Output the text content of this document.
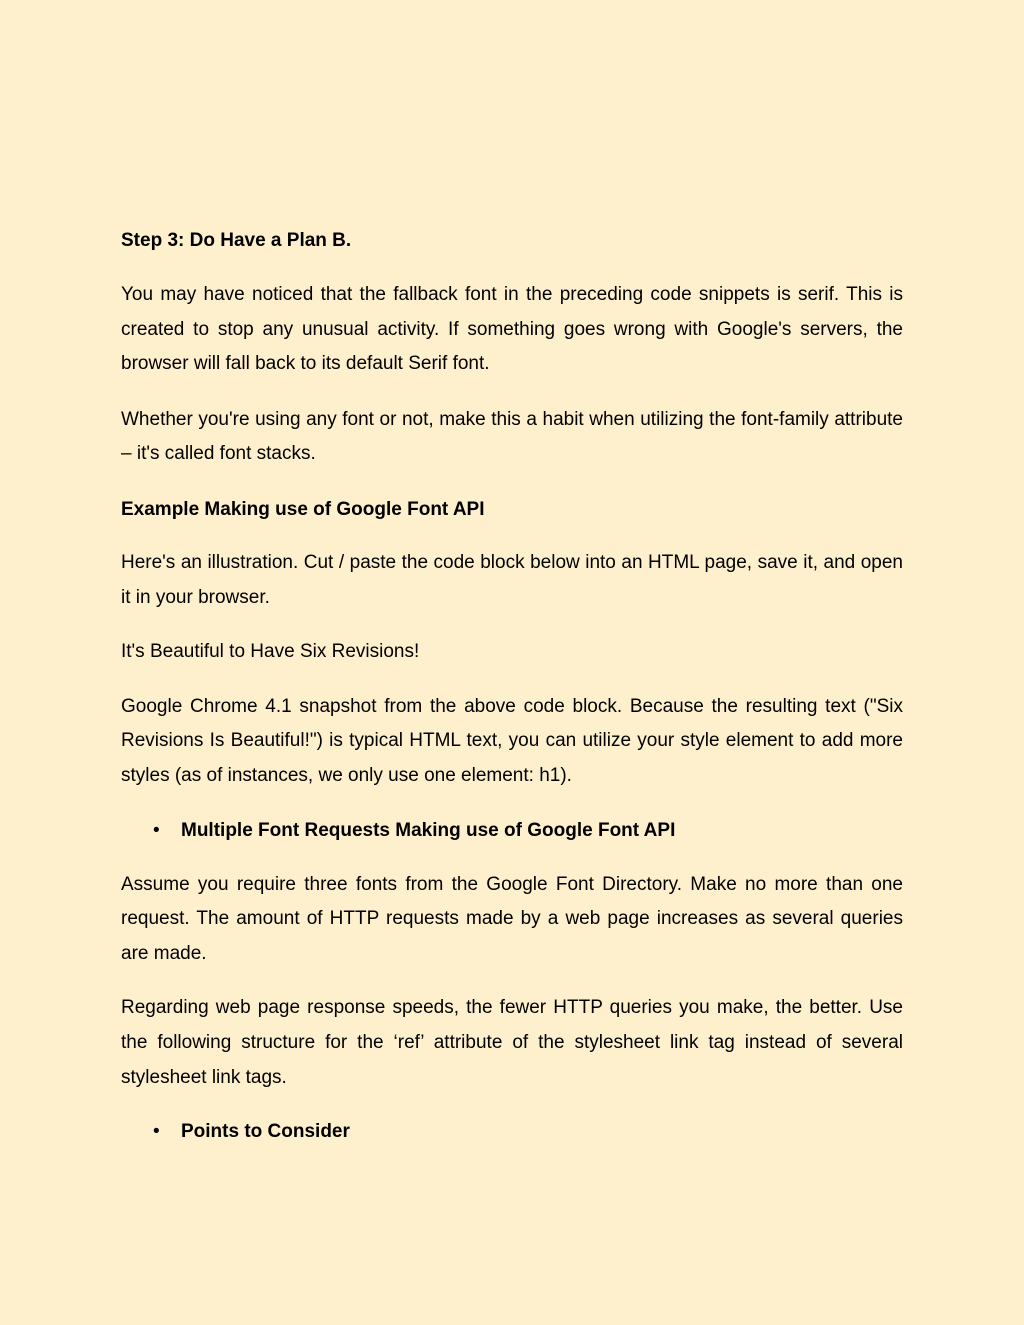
Step 3: Do Have a Plan B.

You may have noticed that the fallback font in the preceding code snippets is serif. This is created to stop any unusual activity. If something goes wrong with Google's servers, the browser will fall back to its default Serif font.

Whether you're using any font or not, make this a habit when utilizing the font-family attribute – it's called font stacks.

Example Making use of Google Font API

Here's an illustration. Cut / paste the code block below into an HTML page, save it, and open it in your browser.

It's Beautiful to Have Six Revisions!

Google Chrome 4.1 snapshot from the above code block. Because the resulting text ("Six Revisions Is Beautiful!") is typical HTML text, you can utilize your style element to add more styles (as of instances, we only use one element: h1).

•	Multiple Font Requests Making use of Google Font API

Assume you require three fonts from the Google Font Directory. Make no more than one request. The amount of HTTP requests made by a web page increases as several queries are made.

Regarding web page response speeds, the fewer HTTP queries you make, the better. Use the following structure for the ‘ref’ attribute of the stylesheet link tag instead of several stylesheet link tags.

•	Points to Consider
